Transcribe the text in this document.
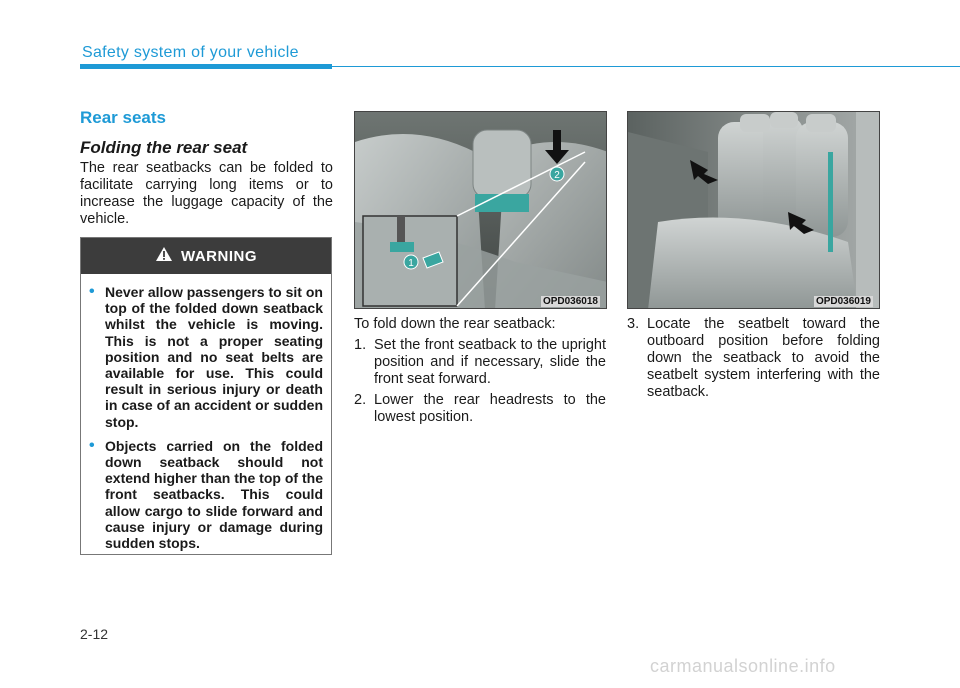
Safety system of your vehicle
Rear seats
Folding the rear seat

The rear seatbacks can be folded to facilitate carrying long items or to increase the luggage capacity of the vehicle.

WARNING
• Never allow passengers to sit on top of the folded down seatback whilst the vehicle is moving. This is not a proper seating position and no seat belts are available for use. This could result in serious injury or death in case of an accident or sudden stop.
• Objects carried on the folded down seatback should not extend higher than the top of the front seatbacks. This could allow cargo to slide forward and cause injury or damage during sudden stops.
2
1
OPD036018	OPD036019
To fold down the rear seatback:
1. Set the front seatback to the upright position and if necessary, slide the front seat forward.
2. Lower the rear headrests to the lowest position.
3. Locate the seatbelt toward the outboard position before folding down the seatback to avoid the seatbelt system interfering with the seatback.
2-12
carmanualsonline.info
